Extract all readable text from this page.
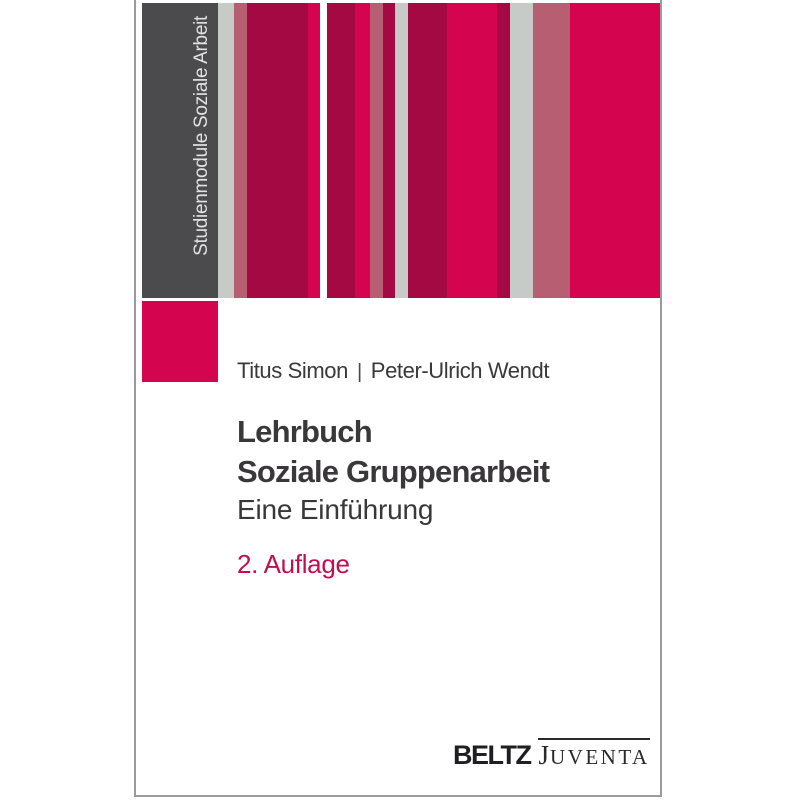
Studienmodule Soziale Arbeit
Titus Simon | Peter-Ulrich Wendt
Lehrbuch
Soziale Gruppenarbeit
Eine Einführung
2. Auflage
BELTZ JUVENTA
